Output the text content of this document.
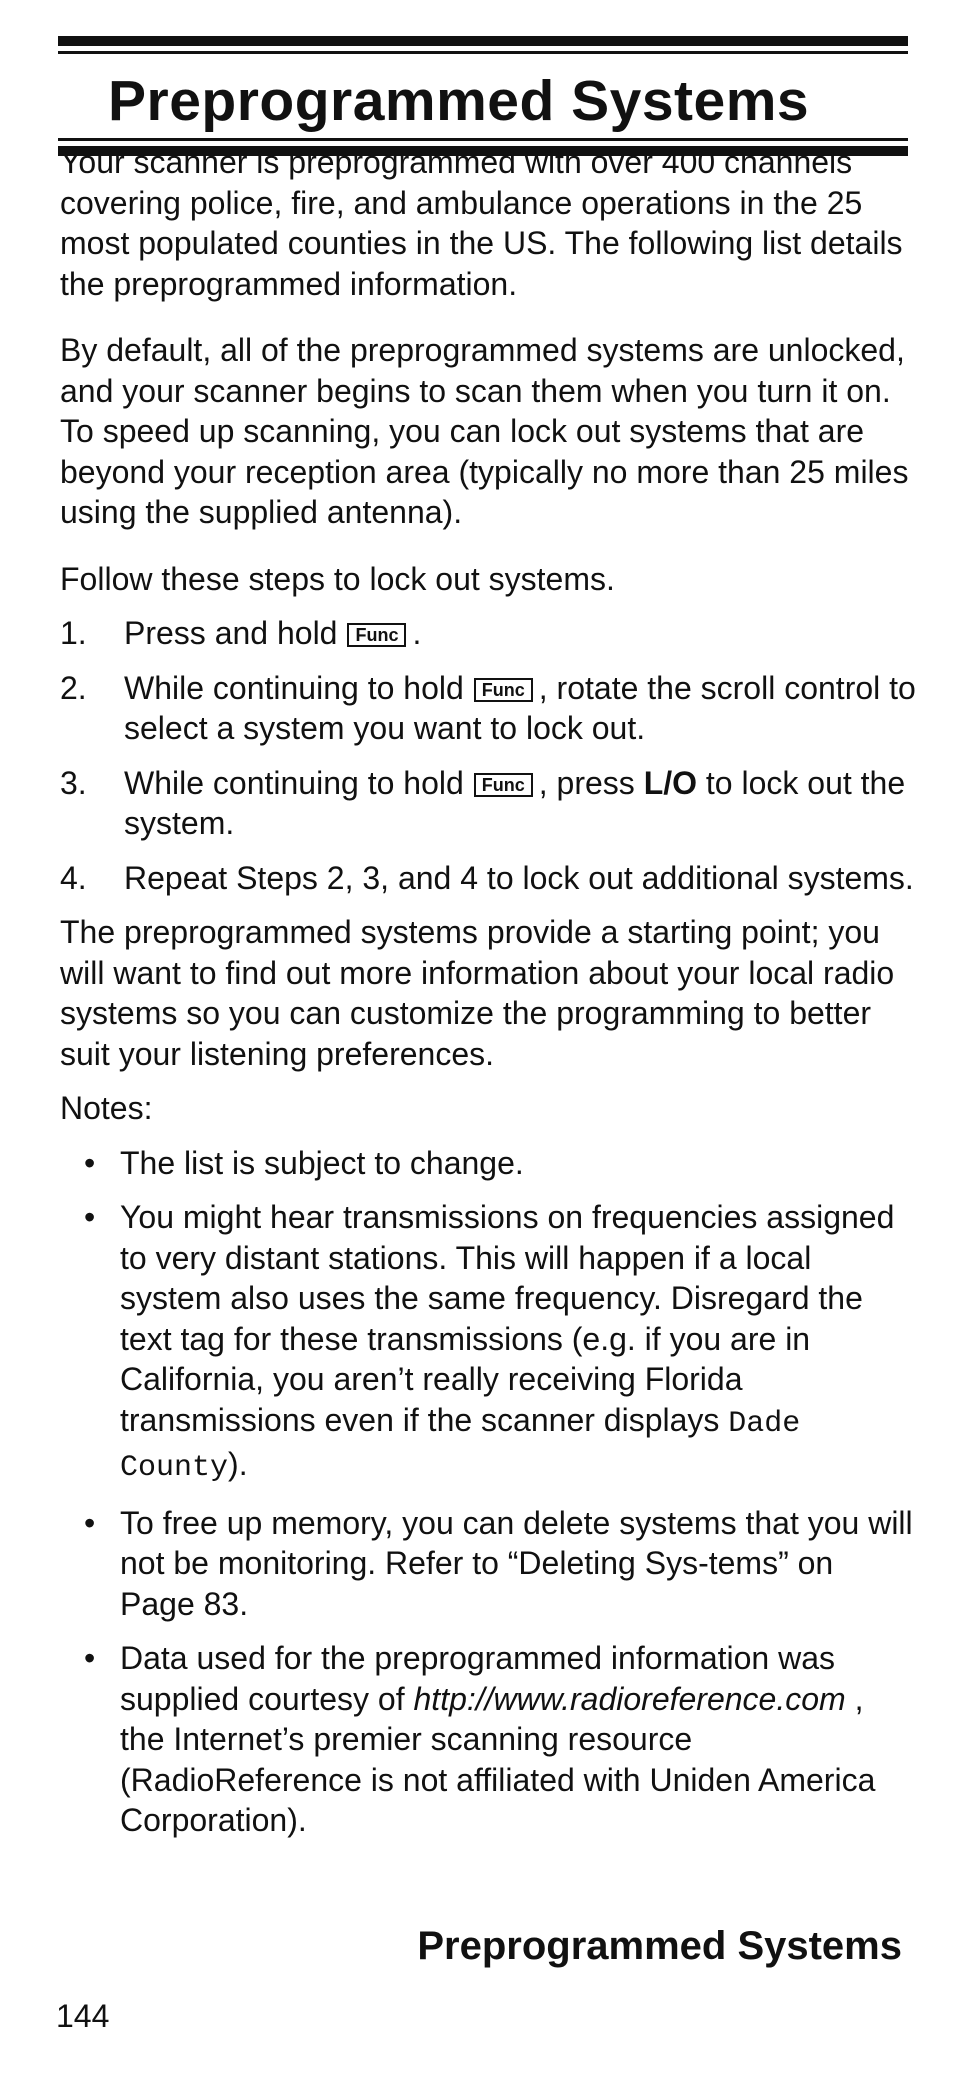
Preprogrammed Systems

Your scanner is preprogrammed with over 400 channels covering police, fire, and ambulance operations in the 25 most populated counties in the US. The following list details the preprogrammed information.

By default, all of the preprogrammed systems are unlocked, and your scanner begins to scan them when you turn it on. To speed up scanning, you can lock out systems that are beyond your reception area (typically no more than 25 miles using the supplied antenna).

Follow these steps to lock out systems.

1. Press and hold Func .
2. While continuing to hold Func , rotate the scroll control to select a system you want to lock out.
3. While continuing to hold Func , press L/O to lock out the system.
4. Repeat Steps 2, 3, and 4 to lock out additional systems.

The preprogrammed systems provide a starting point; you will want to find out more information about your local radio systems so you can customize the programming to better suit your listening preferences.

Notes:

• The list is subject to change.
• You might hear transmissions on frequencies assigned to very distant stations. This will happen if a local system also uses the same frequency. Disregard the text tag for these transmissions (e.g. if you are in California, you aren’t really receiving Florida transmissions even if the scanner displays Dade County).
• To free up memory, you can delete systems that you will not be monitoring. Refer to “Deleting Sys-tems” on Page 83.
• Data used for the preprogrammed information was supplied courtesy of http://www.radioreference.com , the Internet’s premier scanning resource (RadioReference is not affiliated with Uniden America Corporation).
Preprogrammed Systems
144
